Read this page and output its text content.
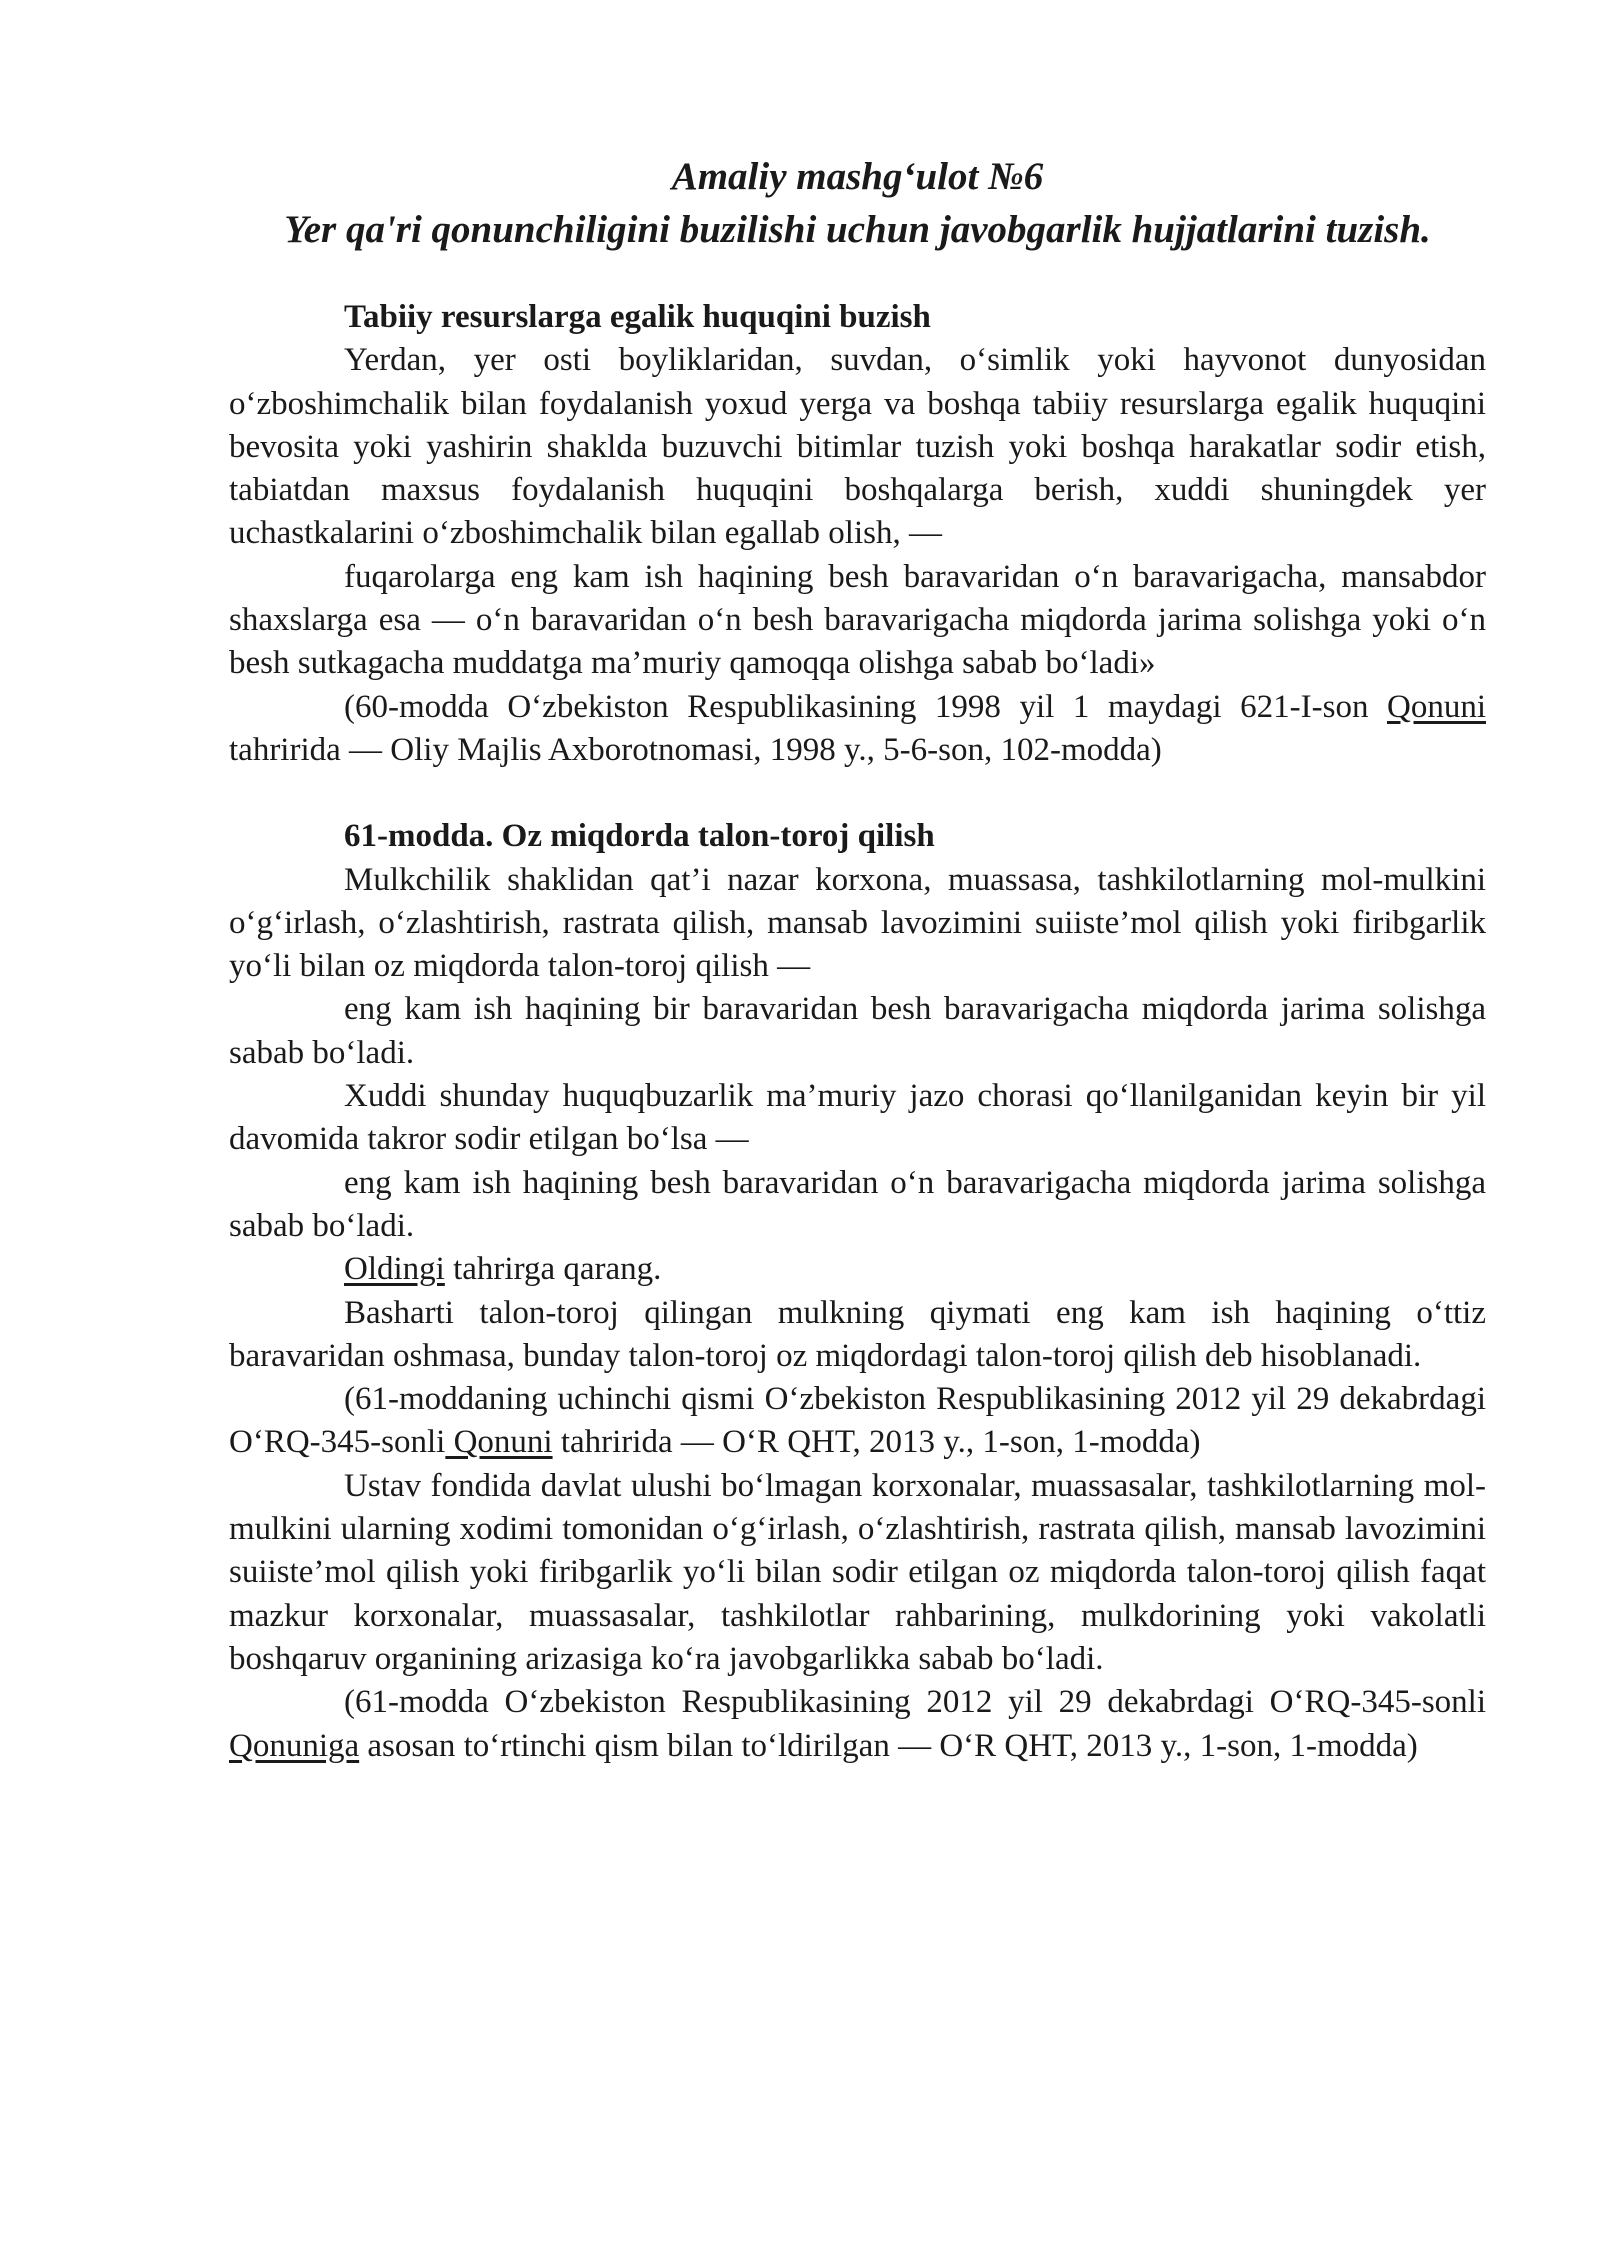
Amaliy mashg‘ulot №6

Yer qa'ri qonunchiligini buzilishi uchun javobgarlik hujjatlarini tuzish.

Tabiiy resurslarga egalik huquqini buzish

Yerdan, yer osti boyliklaridan, suvdan, o‘simlik yoki hayvonot dunyosidan o‘zboshimchalik bilan foydalanish yoxud yerga va boshqa tabiiy resurslarga egalik huquqini bevosita yoki yashirin shaklda buzuvchi bitimlar tuzish yoki boshqa harakatlar sodir etish, tabiatdan maxsus foydalanish huquqini boshqalarga berish, xuddi shuningdek yer uchastkalarini o‘zboshimchalik bilan egallab olish, —

fuqarolarga eng kam ish haqining besh baravaridan o‘n baravarigacha, mansabdor shaxslarga esa — o‘n baravaridan o‘n besh baravarigacha miqdorda jarima solishga yoki o‘n besh sutkagacha muddatga ma’muriy qamoqqa olishga sabab bo‘ladi»

(60-modda O‘zbekiston Respublikasining 1998 yil 1 maydagi 621-I-son Qonuni tahririda — Oliy Majlis Axborotnomasi, 1998 y., 5-6-son, 102-modda)

61-modda. Oz miqdorda talon-toroj qilish

Mulkchilik shaklidan qat’i nazar korxona, muassasa, tashkilotlarning mol-mulkini o‘g‘irlash, o‘zlashtirish, rastrata qilish, mansab lavozimini suiiste’mol qilish yoki firibgarlik yo‘li bilan oz miqdorda talon-toroj qilish —

eng kam ish haqining bir baravaridan besh baravarigacha miqdorda jarima solishga sabab bo‘ladi.

Xuddi shunday huquqbuzarlik ma’muriy jazo chorasi qo‘llanilganidan keyin bir yil davomida takror sodir etilgan bo‘lsa —

eng kam ish haqining besh baravaridan o‘n baravarigacha miqdorda jarima solishga sabab bo‘ladi.

Oldingi tahrirga qarang.

Basharti talon-toroj qilingan mulkning qiymati eng kam ish haqining o‘ttiz baravaridan oshmasa, bunday talon-toroj oz miqdordagi talon-toroj qilish deb hisoblanadi.

(61-moddaning uchinchi qismi O‘zbekiston Respublikasining 2012 yil 29 dekabrdagi O‘RQ-345-sonli Qonuni tahririda — O‘R QHT, 2013 y., 1-son, 1-modda)

Ustav fondida davlat ulushi bo‘lmagan korxonalar, muassasalar, tashkilotlarning mol-mulkini ularning xodimi tomonidan o‘g‘irlash, o‘zlashtirish, rastrata qilish, mansab lavozimini suiiste’mol qilish yoki firibgarlik yo‘li bilan sodir etilgan oz miqdorda talon-toroj qilish faqat mazkur korxonalar, muassasalar, tashkilotlar rahbarining, mulkdorining yoki vakolatli boshqaruv organining arizasiga ko‘ra javobgarlikka sabab bo‘ladi.

(61-modda O‘zbekiston Respublikasining 2012 yil 29 dekabrdagi O‘RQ-345-sonli Qonuniga asosan to‘rtinchi qism bilan to‘ldirilgan — O‘R QHT, 2013 y., 1-son, 1-modda)
